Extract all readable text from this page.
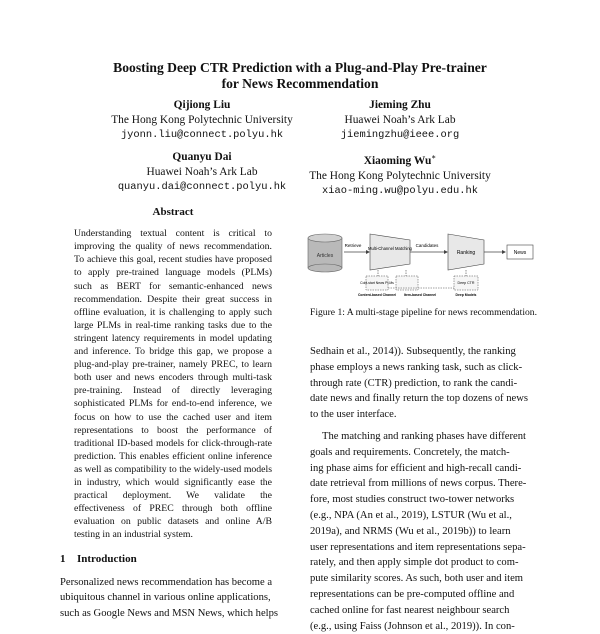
Boosting Deep CTR Prediction with a Plug-and-Play Pre-trainer
for News Recommendation
Qijiong Liu
The Hong Kong Polytechnic University
jyonn.liu@connect.polyu.hk
Jieming Zhu
Huawei Noah’s Ark Lab
jiemingzhu@ieee.org
Quanyu Dai
Huawei Noah’s Ark Lab
quanyu.dai@connect.polyu.hk
Xiaoming Wu∗
The Hong Kong Polytechnic University
xiao-ming.wu@polyu.edu.hk
Abstract

Understanding textual content is critical to improving the quality of news recommendation. To achieve this goal, recent studies have proposed to apply pre-trained language models (PLMs) such as BERT for semantic-enhanced news recommendation. Despite their great success in offline evaluation, it is challenging to apply such large PLMs in real-time ranking tasks due to the stringent latency requirements in model updating and inference. To bridge this gap, we propose a plug-and-play pre-trainer, namely PREC, to learn both user and news encoders through multi-task pre-training. Instead of directly leveraging sophisticated PLMs for end-to-end inference, we focus on how to use the cached user and item representations to boost the performance of traditional ID-based models for click-through-rate prediction. This enables efficient online inference as well as compatibility to the widely-used models in industry, which would significantly ease the practical deployment. We validate the effectiveness of PREC through both offline evaluation on public datasets and online A/B testing in an industrial system.

1 Introduction
Personalized news recommendation has become a
ubiquitous channel in various online applications,
such as Google News and MSN News, which helps
Articles
Retrieve
Multi-Channel Matching
Candidates
Ranking	News
Cold-start News PLMs	Deep CTR
Content-based Channel Item-based Channel	Deep Models
Figure 1: A multi-stage pipeline for news recommendation.
Sedhain et al., 2014)). Subsequently, the ranking
phase employs a news ranking task, such as click-
through rate (CTR) prediction, to rank the candi-
date news and finally return the top dozens of news
to the user interface.
The matching and ranking phases have different
goals and requirements. Concretely, the match-
ing phase aims for efficient and high-recall candi-
date retrieval from millions of news corpus. There-
fore, most studies construct two-tower networks
(e.g., NPA (An et al., 2019), LSTUR (Wu et al.,
2019a), and NRMS (Wu et al., 2019b)) to learn
user representations and item representations sepa-
rately, and then apply simple dot product to com-
pute similarity scores. As such, both user and item
representations can be pre-computed offline and
cached online for fast nearest neighbour search
(e.g., using Faiss (Johnson et al., 2019)). In con-
